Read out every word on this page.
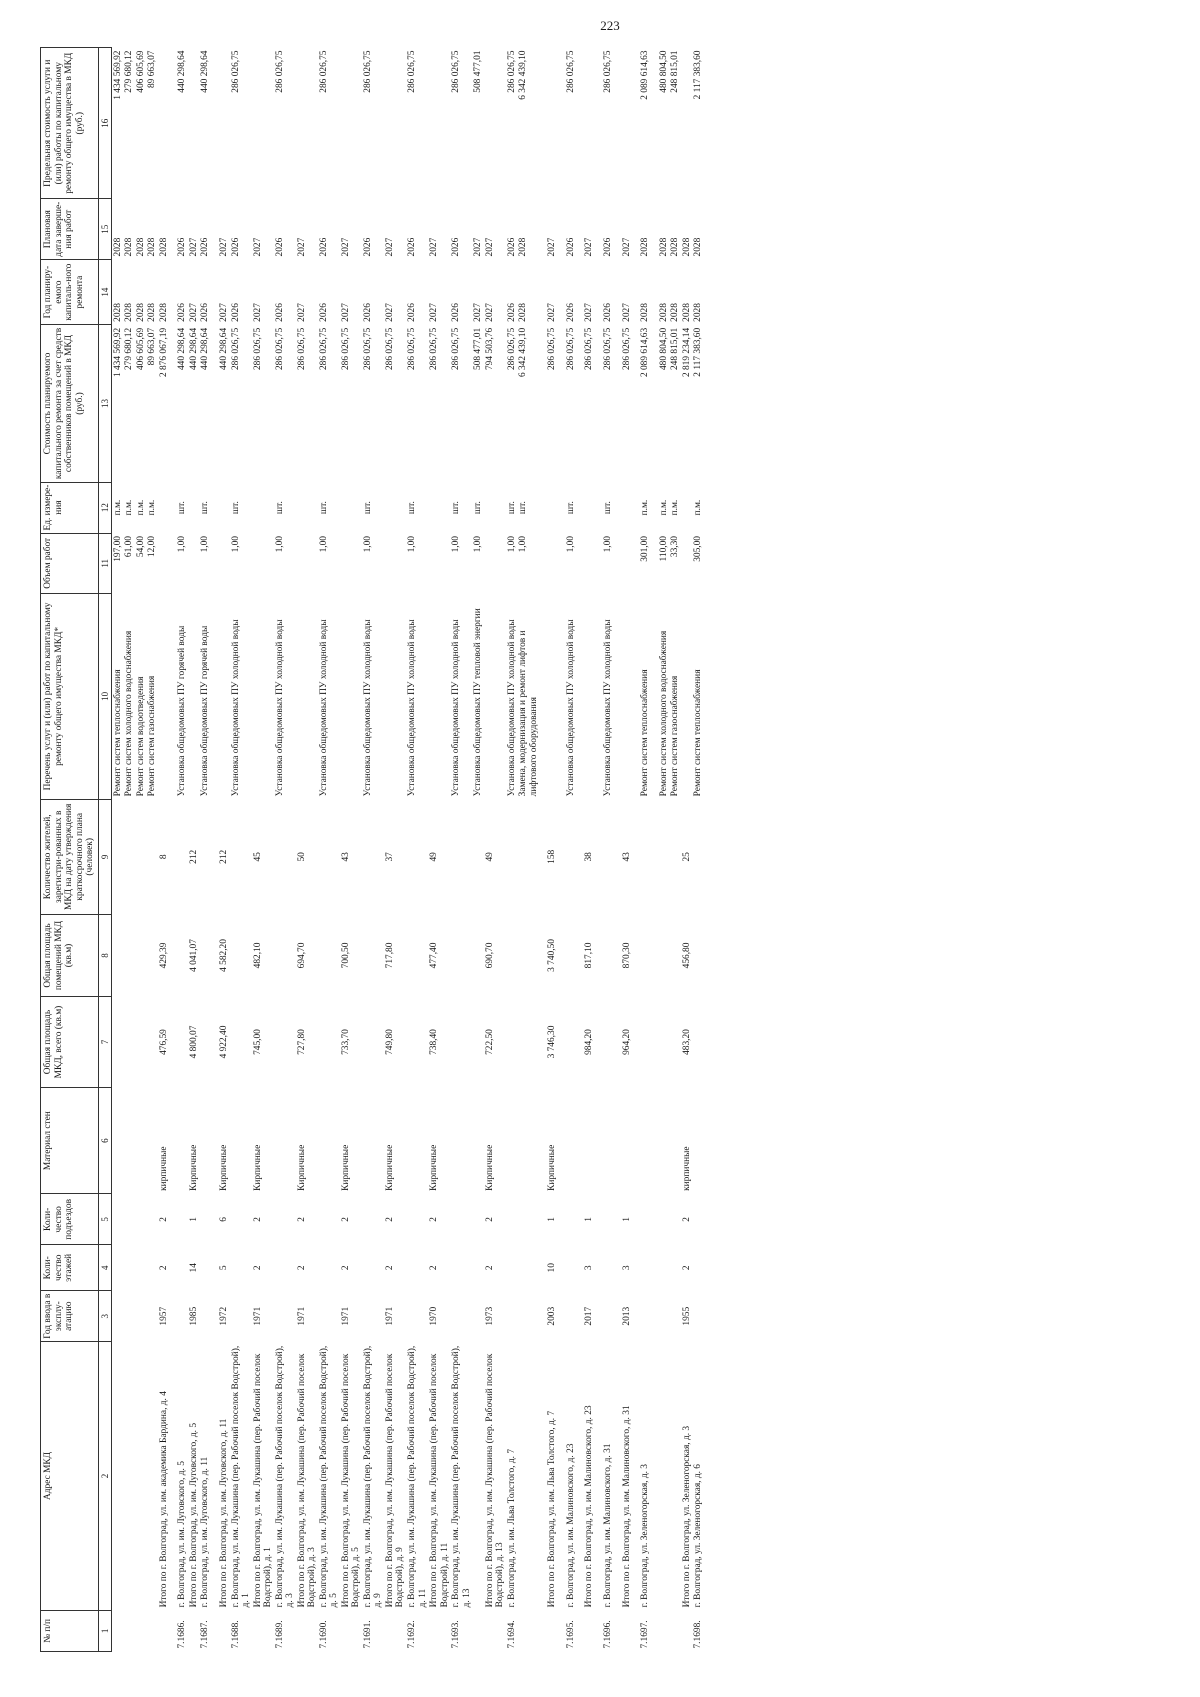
223
№ п/п	Адрес МКД	Год ввода в эксплу-атацию	Коли-чество этажей	Коли-чество подъездов	Материал стен	Общая площадь МКД, всего (кв.м)	Общая площадь помещений МКД (кв.м)	Количество жителей, зарегистри-рованных в МКД на дату утверждения краткосрочного плана (человек)	Перечень услуг и (или) работ по капитальному ремонту общего имущества МКД*	Объем работ	Ед. измере-ния	Стоимость планируемого капитального ремонта за счет средств собственников помещений в МКД (руб.)	Год планиру-емого капиталь-ного ремонта	Плановая дата заверше-ния работ	Предельная стоимость услуги и (или) работы по капитальному ремонту общего имущества в МКД (руб.)
1	2	3	4	5	6	7	8	9	10	11	12	13	14	15	16
									Ремонт систем теплоснабжения	197,00	п.м.	1 434 569,92	2028	2028	1 434 569,92
									Ремонт систем холодного водоснабжения	61,00	п.м.	279 680,12	2028	2028	279 680,12
									Ремонт систем водоотведения	54,00	п.м.	406 605,69	2028	2028	406 605,69
									Ремонт систем газоснабжения	12,00	п.м.	89 663,07	2028	2028	89 663,07
	Итого по г. Волгоград, ул. им. академика Бардина, д. 4	1957	2	2	кирпичные	476,59	429,39	8				2 876 067,19	2028	2028	
7.1686.	г. Волгоград, ул. им. Луговского, д. 5								Установка общедомовых ПУ горячей воды	1,00	шт.	440 298,64	2026	2026	440 298,64
	Итого по г. Волгоград, ул. им. Луговского, д. 5	1985	14	1	Кирпичные	4 800,07	4 041,07	212				440 298,64	2027	2027	
7.1687.	г. Волгоград, ул. им. Луговского, д. 11								Установка общедомовых ПУ горячей воды	1,00	шт.	440 298,64	2026	2026	440 298,64
	Итого по г. Волгоград, ул. им. Луговского, д. 11	1972	5	6	Кирпичные	4 922,40	4 582,20	212				440 298,64	2027	2027	
7.1688.	г. Волгоград, ул. им. Лукашина (пер. Рабочий поселок Водстрой), д. 1								Установка общедомовых ПУ холодной воды	1,00	шт.	286 026,75	2026	2026	286 026,75
	Итого по г. Волгоград, ул. им. Лукашина (пер. Рабочий поселок Водстрой), д. 1	1971	2	2	Кирпичные	745,00	482,10	45				286 026,75	2027	2027	
7.1689.	г. Волгоград, ул. им. Лукашина (пер. Рабочий поселок Водстрой), д. 3								Установка общедомовых ПУ холодной воды	1,00	шт.	286 026,75	2026	2026	286 026,75
	Итого по г. Волгоград, ул. им. Лукашина (пер. Рабочий поселок Водстрой), д. 3	1971	2	2	Кирпичные	727,80	694,70	50				286 026,75	2027	2027	
7.1690.	г. Волгоград, ул. им. Лукашина (пер. Рабочий поселок Водстрой), д. 5								Установка общедомовых ПУ холодной воды	1,00	шт.	286 026,75	2026	2026	286 026,75
	Итого по г. Волгоград, ул. им. Лукашина (пер. Рабочий поселок Водстрой), д. 5	1971	2	2	Кирпичные	733,70	700,50	43				286 026,75	2027	2027	
7.1691.	г. Волгоград, ул. им. Лукашина (пер. Рабочий поселок Водстрой), д. 9								Установка общедомовых ПУ холодной воды	1,00	шт.	286 026,75	2026	2026	286 026,75
	Итого по г. Волгоград, ул. им. Лукашина (пер. Рабочий поселок Водстрой), д. 9	1971	2	2	Кирпичные	749,80	717,80	37				286 026,75	2027	2027	
7.1692.	г. Волгоград, ул. им. Лукашина (пер. Рабочий поселок Водстрой), д. 11								Установка общедомовых ПУ холодной воды	1,00	шт.	286 026,75	2026	2026	286 026,75
	Итого по г. Волгоград, ул. им. Лукашина (пер. Рабочий поселок Водстрой), д. 11	1970	2	2	Кирпичные	738,40	477,40	49				286 026,75	2027	2027	
7.1693.	г. Волгоград, ул. им. Лукашина (пер. Рабочий поселок Водстрой), д. 13								Установка общедомовых ПУ холодной воды	1,00	шт.	286 026,75	2026	2026	286 026,75
									Установка общедомовых ПУ тепловой энергии	1,00	шт.	508 477,01	2027	2027	508 477,01
	Итого по г. Волгоград, ул. им. Лукашина (пер. Рабочий поселок Водстрой), д. 13	1973	2	2	Кирпичные	722,50	690,70	49				794 503,76	2027	2027	
7.1694.	г. Волгоград, ул. им. Льва Толстого, д. 7								Установка общедомовых ПУ холодной воды	1,00	шт.	286 026,75	2026	2026	286 026,75
									Замена, модернизация и ремонт лифтов и лифтового оборудования	1,00	шт.	6 342 439,10	2028	2028	6 342 439,10
	Итого по г. Волгоград, ул. им. Льва Толстого, д. 7	2003	10	1	Кирпичные	3 746,30	3 740,50	158				286 026,75	2027	2027	
7.1695.	г. Волгоград, ул. им. Малиновского, д. 23								Установка общедомовых ПУ холодной воды	1,00	шт.	286 026,75	2026	2026	286 026,75
	Итого по г. Волгоград, ул. им. Малиновского, д. 23	2017	3	1		984,20	817,10	38				286 026,75	2027	2027	
7.1696.	г. Волгоград, ул. им. Малиновского, д. 31								Установка общедомовых ПУ холодной воды	1,00	шт.	286 026,75	2026	2026	286 026,75
	Итого по г. Волгоград, ул. им. Малиновского, д. 31	2013	3	1		964,20	870,30	43				286 026,75	2027	2027	
7.1697.	г. Волгоград, ул. Зеленогорская, д. 3								Ремонт систем теплоснабжения	301,00	п.м.	2 089 614,63	2028	2028	2 089 614,63
									Ремонт систем холодного водоснабжения	110,00	п.м.	480 804,50	2028	2028	480 804,50
									Ремонт систем газоснабжения	33,30	п.м.	248 815,01	2028	2028	248 815,01
	Итого по г. Волгоград, ул. Зеленогорская, д. 3	1955	2	2	кирпичные	483,20	456,80	25				2 819 234,14	2028	2028	
7.1698.	г. Волгоград, ул. Зеленогорская, д. 6								Ремонт систем теплоснабжения	305,00	п.м.	2 117 383,60	2028	2028	2 117 383,60
